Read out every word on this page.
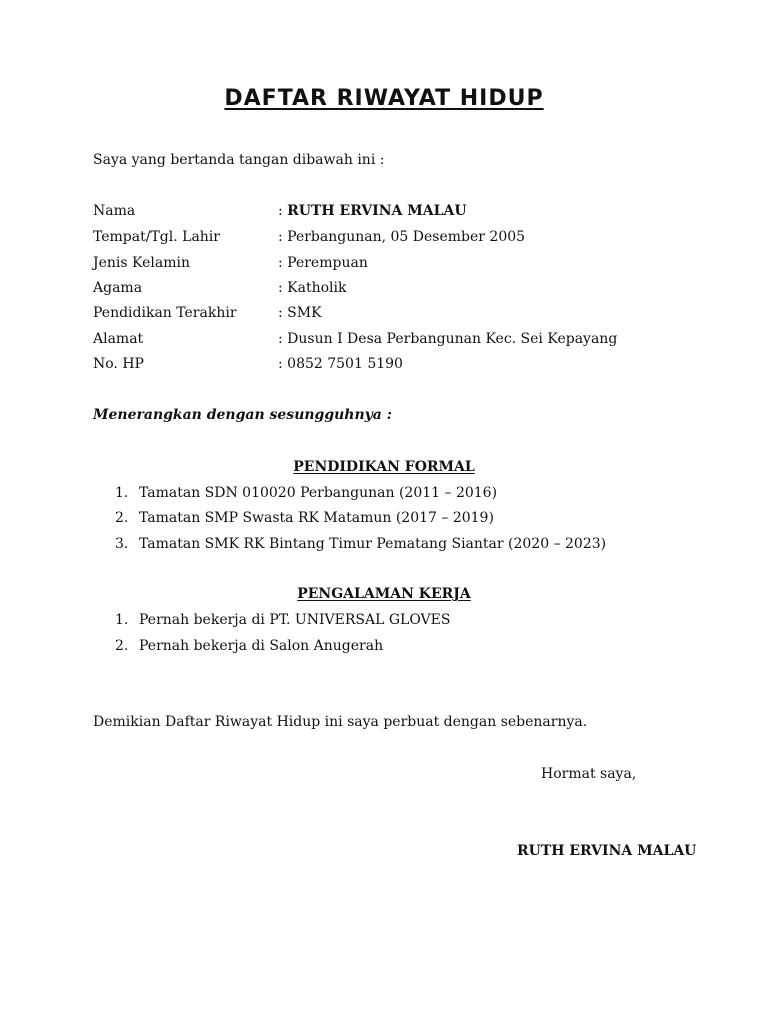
DAFTAR RIWAYAT HIDUP
Saya yang bertanda tangan dibawah ini :
Nama	: RUTH ERVINA MALAU
Tempat/Tgl. Lahir	: Perbangunan, 05 Desember 2005
Jenis Kelamin	: Perempuan
Agama	: Katholik
Pendidikan Terakhir	: SMK
Alamat	: Dusun I Desa Perbangunan Kec. Sei Kepayang
No. HP	: 0852 7501 5190
Menerangkan dengan sesungguhnya :
PENDIDIKAN FORMAL
1. Tamatan SDN 010020 Perbangunan (2011 – 2016)
2. Tamatan SMP Swasta RK Matamun (2017 – 2019)
3. Tamatan SMK RK Bintang Timur Pematang Siantar (2020 – 2023)
PENGALAMAN KERJA
1. Pernah bekerja di PT. UNIVERSAL GLOVES
2. Pernah bekerja di Salon Anugerah
Demikian Daftar Riwayat Hidup ini saya perbuat dengan sebenarnya.
Hormat saya,
RUTH ERVINA MALAU
